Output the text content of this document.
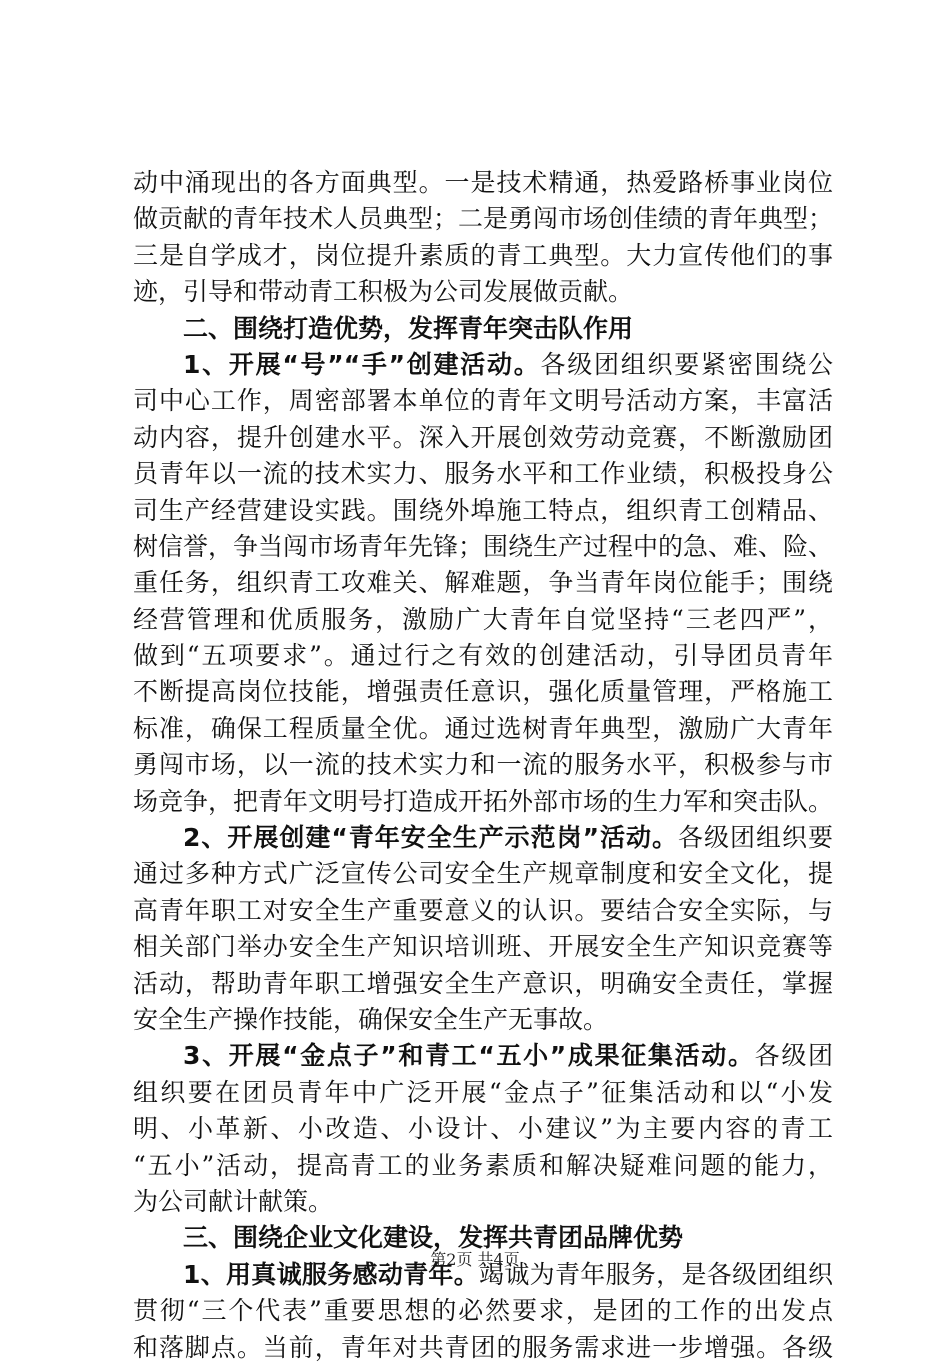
动中涌现出的各方面典型。一是技术精通，热爱路桥事业岗位
做贡献的青年技术人员典型；二是勇闯市场创佳绩的青年典型；
三是自学成才，岗位提升素质的青工典型。大力宣传他们的事
迹，引导和带动青工积极为公司发展做贡献。
二、围绕打造优势，发挥青年突击队作用
1、开展“号”“手”创建活动。各级团组织要紧密围绕公
司中心工作，周密部署本单位的青年文明号活动方案，丰富活
动内容，提升创建水平。深入开展创效劳动竞赛，不断激励团
员青年以一流的技术实力、服务水平和工作业绩，积极投身公
司生产经营建设实践。围绕外埠施工特点，组织青工创精品、
树信誉，争当闯市场青年先锋；围绕生产过程中的急、难、险、
重任务，组织青工攻难关、解难题，争当青年岗位能手；围绕
经营管理和优质服务，激励广大青年自觉坚持“三老四严”，
做到“五项要求”。通过行之有效的创建活动，引导团员青年
不断提高岗位技能，增强责任意识，强化质量管理，严格施工
标准，确保工程质量全优。通过选树青年典型，激励广大青年
勇闯市场，以一流的技术实力和一流的服务水平，积极参与市
场竞争，把青年文明号打造成开拓外部市场的生力军和突击队。
2、开展创建“青年安全生产示范岗”活动。各级团组织要
通过多种方式广泛宣传公司安全生产规章制度和安全文化，提
高青年职工对安全生产重要意义的认识。要结合安全实际，与
相关部门举办安全生产知识培训班、开展安全生产知识竞赛等
活动，帮助青年职工增强安全生产意识，明确安全责任，掌握
安全生产操作技能，确保安全生产无事故。
3、开展“金点子”和青工“五小”成果征集活动。各级团
组织要在团员青年中广泛开展“金点子”征集活动和以“小发
明、小革新、小改造、小设计、小建议”为主要内容的青工
“五小”活动，提高青工的业务素质和解决疑难问题的能力，
为公司献计献策。
三、围绕企业文化建设，发挥共青团品牌优势
1、用真诚服务感动青年。竭诚为青年服务，是各级团组织
贯彻“三个代表”重要思想的必然要求，是团的工作的出发点
和落脚点。当前，青年对共青团的服务需求进一步增强。各级
第2页 共4页
